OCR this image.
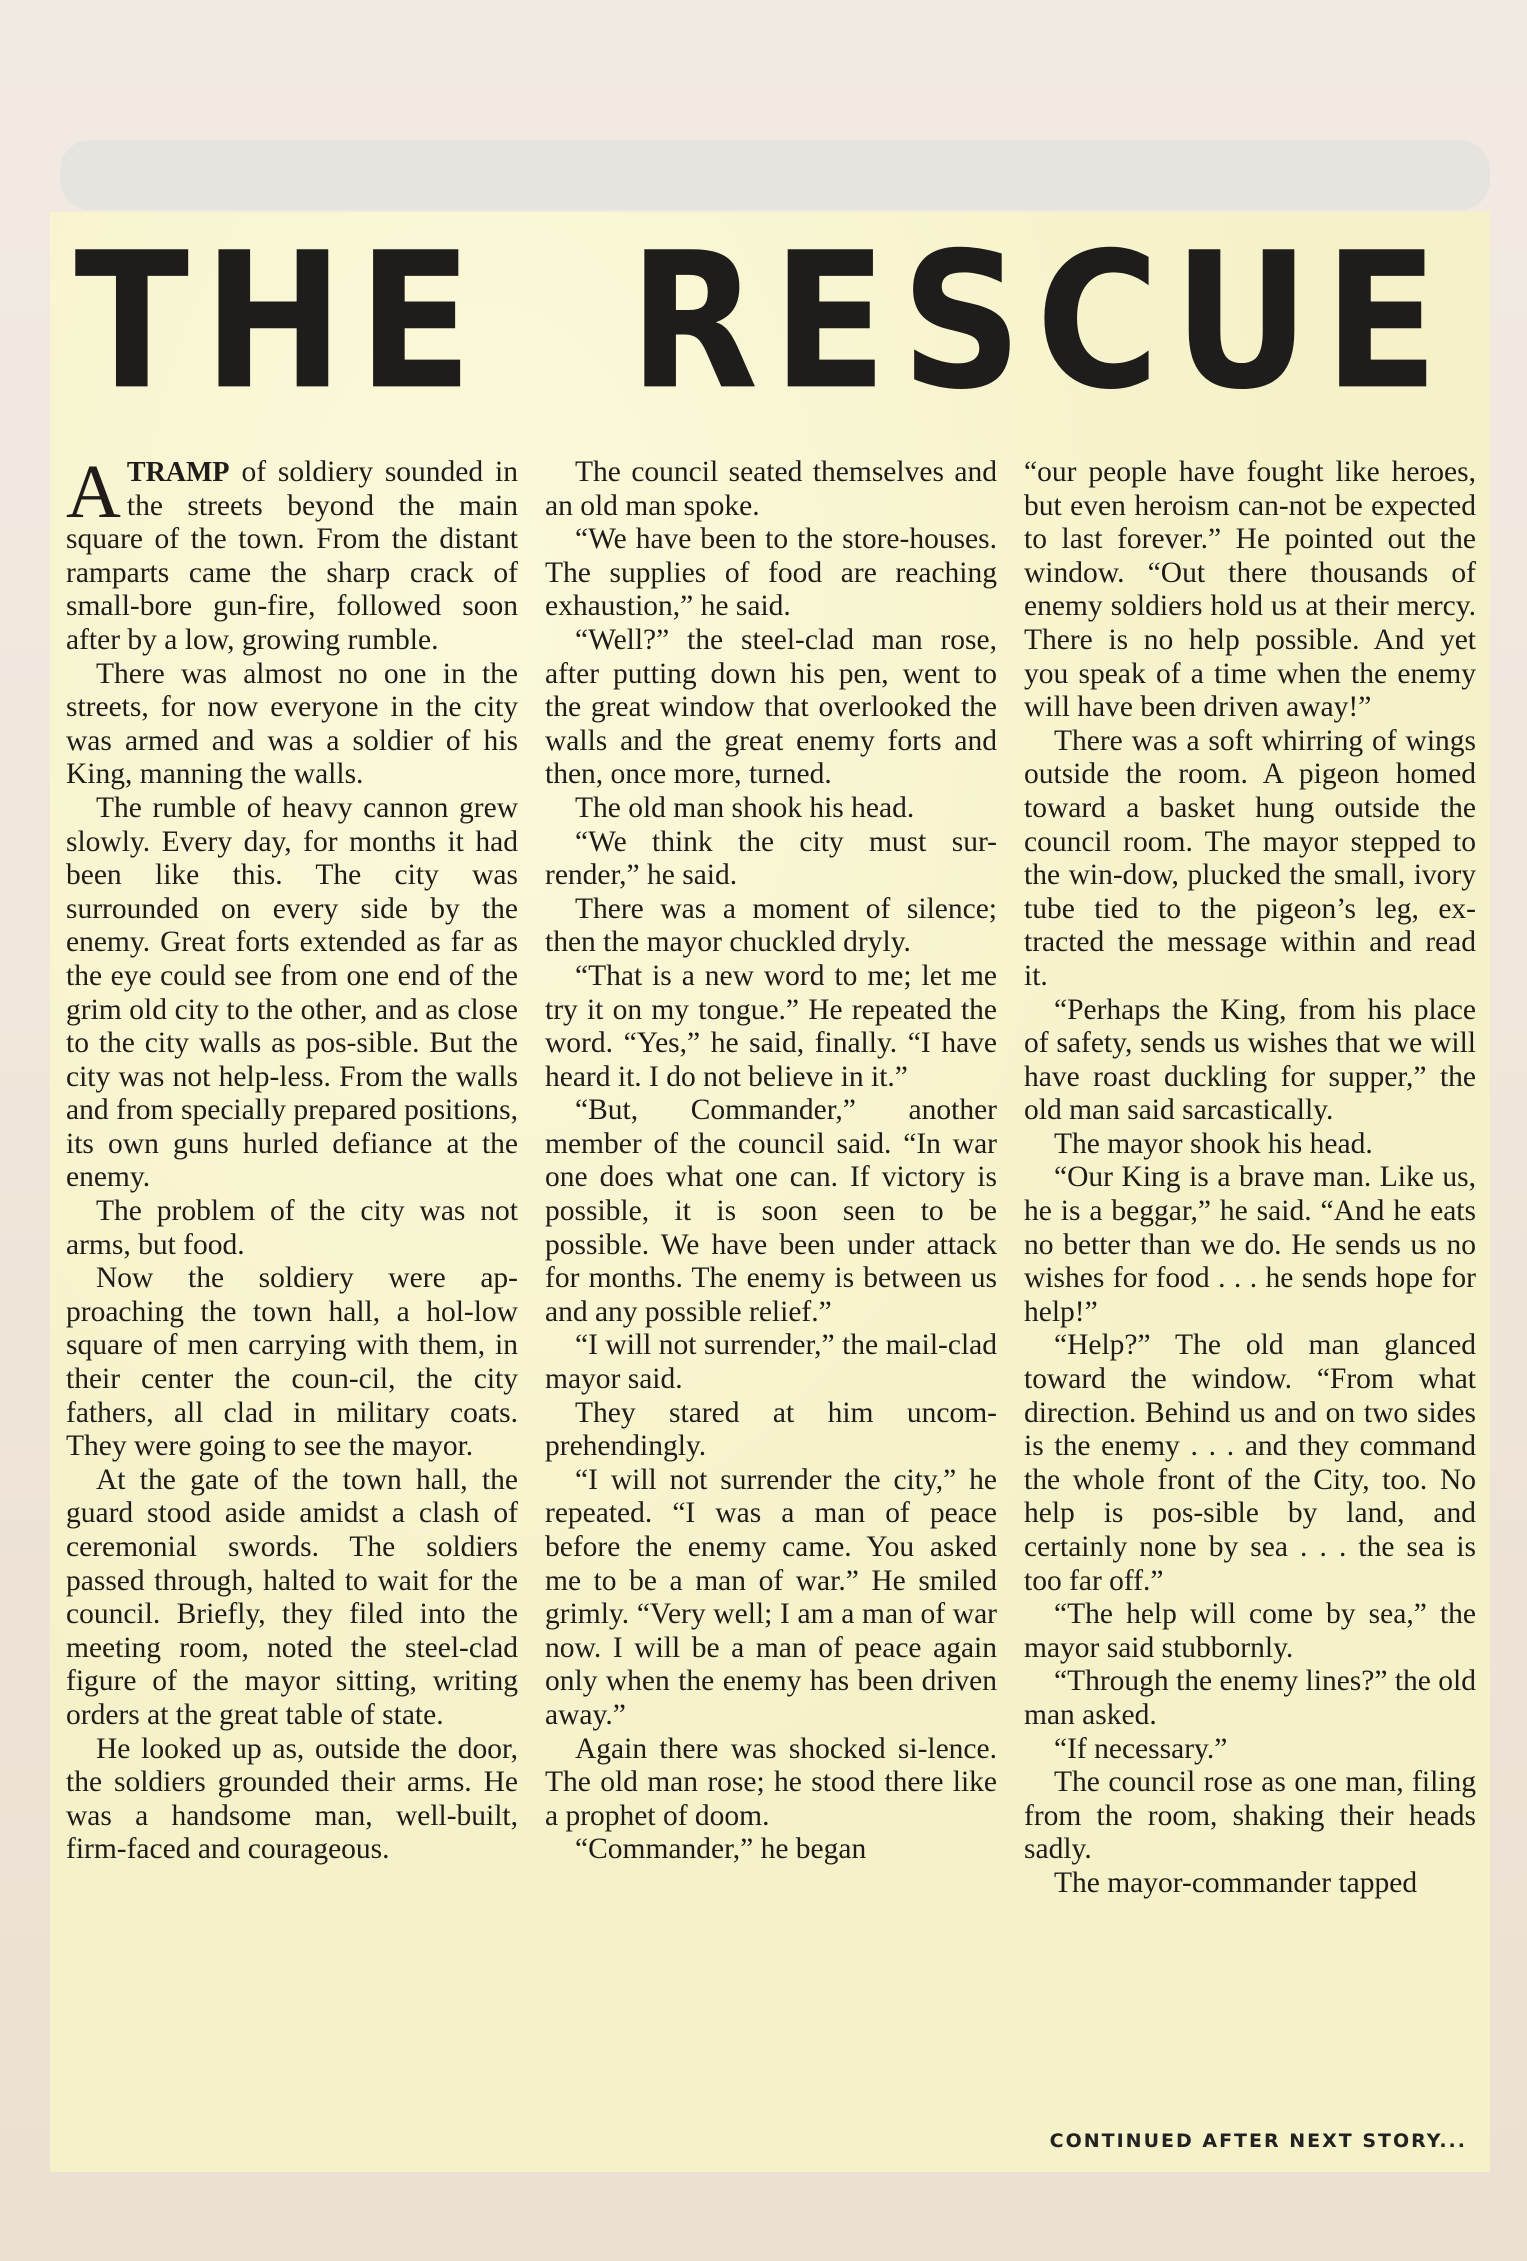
THE RESCUE

ATRAMP of soldiery sounded in the streets beyond the main square of the town. From the distant ramparts came the sharp crack of small-bore gun-fire, followed soon after by a low, growing rumble.

There was almost no one in the streets, for now everyone in the city was armed and was a soldier of his King, manning the walls.

The rumble of heavy cannon grew slowly. Every day, for months it had been like this. The city was surrounded on every side by the enemy. Great forts extended as far as the eye could see from one end of the grim old city to the other, and as close to the city walls as pos-sible. But the city was not help-less. From the walls and from specially prepared positions, its own guns hurled defiance at the enemy.

The problem of the city was not arms, but food.

Now the soldiery were ap-proaching the town hall, a hol-low square of men carrying with them, in their center the coun-cil, the city fathers, all clad in military coats. They were going to see the mayor.

At the gate of the town hall, the guard stood aside amidst a clash of ceremonial swords. The soldiers passed through, halted to wait for the council. Briefly, they filed into the meeting room, noted the steel-clad figure of the mayor sitting, writing orders at the great table of state.

He looked up as, outside the door, the soldiers grounded their arms. He was a handsome man, well-built, firm-faced and courageous.

The council seated themselves and an old man spoke.

“We have been to the store-houses. The supplies of food are reaching exhaustion,” he said.

“Well?” the steel-clad man rose, after putting down his pen, went to the great window that overlooked the walls and the great enemy forts and then, once more, turned.

The old man shook his head.

“We think the city must sur-render,” he said.

There was a moment of silence; then the mayor chuckled dryly.

“That is a new word to me; let me try it on my tongue.” He repeated the word. “Yes,” he said, finally. “I have heard it. I do not believe in it.”

“But, Commander,” another member of the council said. “In war one does what one can. If victory is possible, it is soon seen to be possible. We have been under attack for months. The enemy is between us and any possible relief.”

“I will not surrender,” the mail-clad mayor said.

They stared at him uncom-prehendingly.

“I will not surrender the city,” he repeated. “I was a man of peace before the enemy came. You asked me to be a man of war.” He smiled grimly. “Very well; I am a man of war now. I will be a man of peace again only when the enemy has been driven away.”

Again there was shocked si-lence. The old man rose; he stood there like a prophet of doom.

“Commander,” he began

“our people have fought like heroes, but even heroism can-not be expected to last forever.” He pointed out the window. “Out there thousands of enemy soldiers hold us at their mercy. There is no help possible. And yet you speak of a time when the enemy will have been driven away!”

There was a soft whirring of wings outside the room. A pigeon homed toward a basket hung outside the council room. The mayor stepped to the win-dow, plucked the small, ivory tube tied to the pigeon’s leg, ex-tracted the message within and read it.

“Perhaps the King, from his place of safety, sends us wishes that we will have roast duckling for supper,” the old man said sarcastically.

The mayor shook his head.

“Our King is a brave man. Like us, he is a beggar,” he said. “And he eats no better than we do. He sends us no wishes for food . . . he sends hope for help!”

“Help?” The old man glanced toward the window. “From what direction. Behind us and on two sides is the enemy . . . and they command the whole front of the City, too. No help is pos-sible by land, and certainly none by sea . . . the sea is too far off.”

“The help will come by sea,” the mayor said stubbornly.

“Through the enemy lines?” the old man asked.

“If necessary.”

The council rose as one man, filing from the room, shaking their heads sadly.

The mayor-commander tapped

CONTINUED AFTER NEXT STORY...
